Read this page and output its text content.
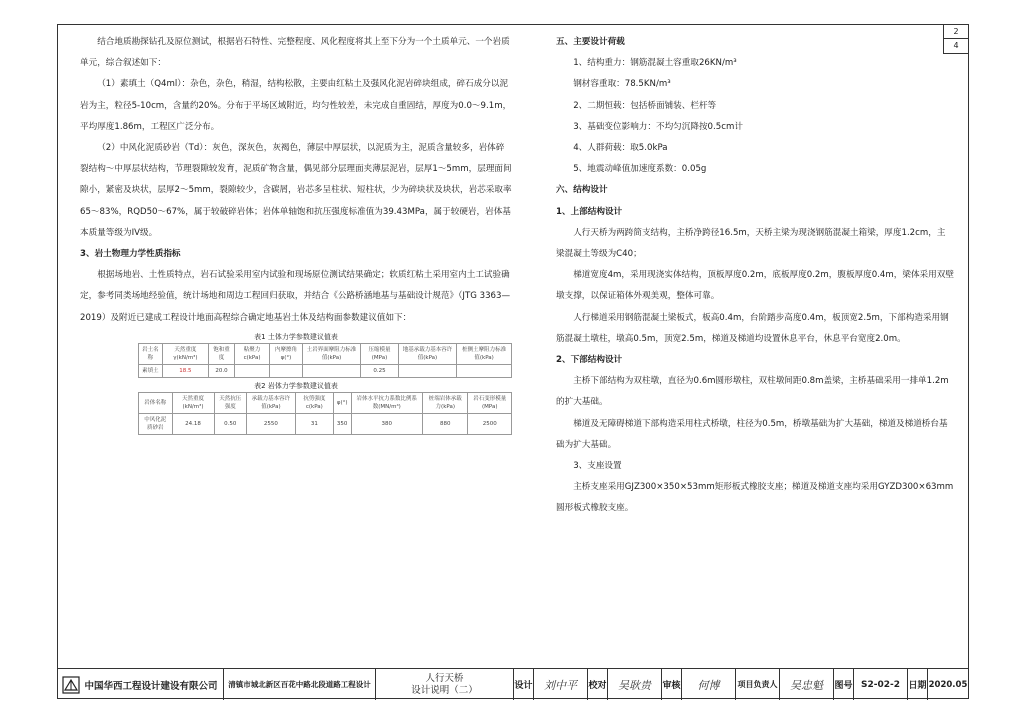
2
4

结合地质勘探钻孔及原位测试，根据岩石特性、完整程度、风化程度将其上至下分为一个土质单元、一个岩质单元，综合叙述如下：

（1）素填土（Q4ml）：杂色，杂色，稍湿，结构松散，主要由红粘土及强风化泥岩碎块组成，碎石成分以泥岩为主，粒径5-10cm，含量约20%。分布于平场区域附近，均匀性较差，未完成自重固结，厚度为0.0～9.1m，平均厚度1.86m，工程区广泛分布。

（2）中风化泥质砂岩（Td）：灰色，深灰色，灰褐色，薄层中厚层状，以泥质为主，泥质含量较多，岩体碎裂结构～中厚层状结构，节理裂隙较发育，泥质矿物含量，偶见部分层理面夹薄层泥岩，层厚1～5mm，层理面间隙小，紧密及块状，层厚2～5mm，裂隙较少，含碳屑，岩芯多呈柱状、短柱状，少为碎块状及块状，岩芯采取率65～83%，RQD50～67%，属于较破碎岩体；岩体单轴饱和抗压强度标准值为39.43MPa，属于较硬岩，岩体基本质量等级为IV级。

3、岩土物理力学性质指标

根据场地岩、土性质特点，岩石试验采用室内试验和现场原位测试结果确定；软质红粘土采用室内土工试验确定，参考同类场地经验值，统计场地和周边工程回归获取，并结合《公路桥涵地基与基础设计规范》（JTG 3363—2019）及附近已建成工程设计地面高程综合确定地基岩土体及结构面参数建议值如下：

表1 土体力学参数建议值表
岩土名称	天然重度γ(kN/m³)	饱和重度	粘聚力c(kPa)	内摩擦角φ(°)	土岩界面摩阻力标准值(kPa)	压缩模量(MPa)	地基承载力基本容许值(kPa)	桩侧土摩阻力标准值(kPa)
素填土	18.5	20.0				0.25		
表2 岩体力学参数建议值表
岩体名称	天然重度(kN/m³)	天然抗压强度	承载力基本容许值(kPa)	抗剪强度c(kPa)	φ(°)	岩体水平抗力系数比例系数(MN/m⁴)	桩端岩体承载力(kPa)	岩石变形模量(MPa)
中风化泥质砂岩	24.18	0.50	2550	31	350	380	880	2500

五、主要设计荷载

1、结构重力：钢筋混凝土容重取26KN/m³

钢材容重取：78.5KN/m³

2、二期恒载：包括桥面铺装、栏杆等

3、基础变位影响力：不均匀沉降按0.5cm计

4、人群荷载：取5.0kPa

5、地震动峰值加速度系数：0.05g

六、结构设计

1、上部结构设计

人行天桥为两跨简支结构，主桥净跨径16.5m，天桥主梁为现浇钢筋混凝土箱梁，厚度1.2cm，主梁混凝土等级为C40；

梯道宽度4m，采用现浇实体结构，顶板厚度0.2m，底板厚度0.2m，腹板厚度0.4m，梁体采用双壁墩支撑，以保证箱体外观美观，整体可靠。

人行梯道采用钢筋混凝土梁板式，板高0.4m，台阶踏步高度0.4m，板顶宽2.5m，下部构造采用钢筋混凝土墩柱，墩高0.5m，顶宽2.5m，梯道及梯道均设置休息平台，休息平台宽度2.0m。

2、下部结构设计

主桥下部结构为双柱墩，直径为0.6m圆形墩柱，双柱墩间距0.8m盖梁，主桥基础采用一排单1.2m的扩大基础。

梯道及无障碍梯道下部构造采用柱式桥墩，柱径为0.5m，桥墩基础为扩大基础，梯道及梯道桥台基础为扩大基础。

3、支座设置

主桥支座采用GJZ300×350×53mm矩形板式橡胶支座；梯道及梯道支座均采用GYZD300×63mm圆形板式橡胶支座。

中国华西工程设计建设有限公司	清镇市城北新区百花中路北段道路工程设计
人行天桥
设计说明（二）	设计	刘中平	校对	吴耿贵	审核	何博	项目负责人	吴忠魁	图号 S2-02-2 日期 2020.05
